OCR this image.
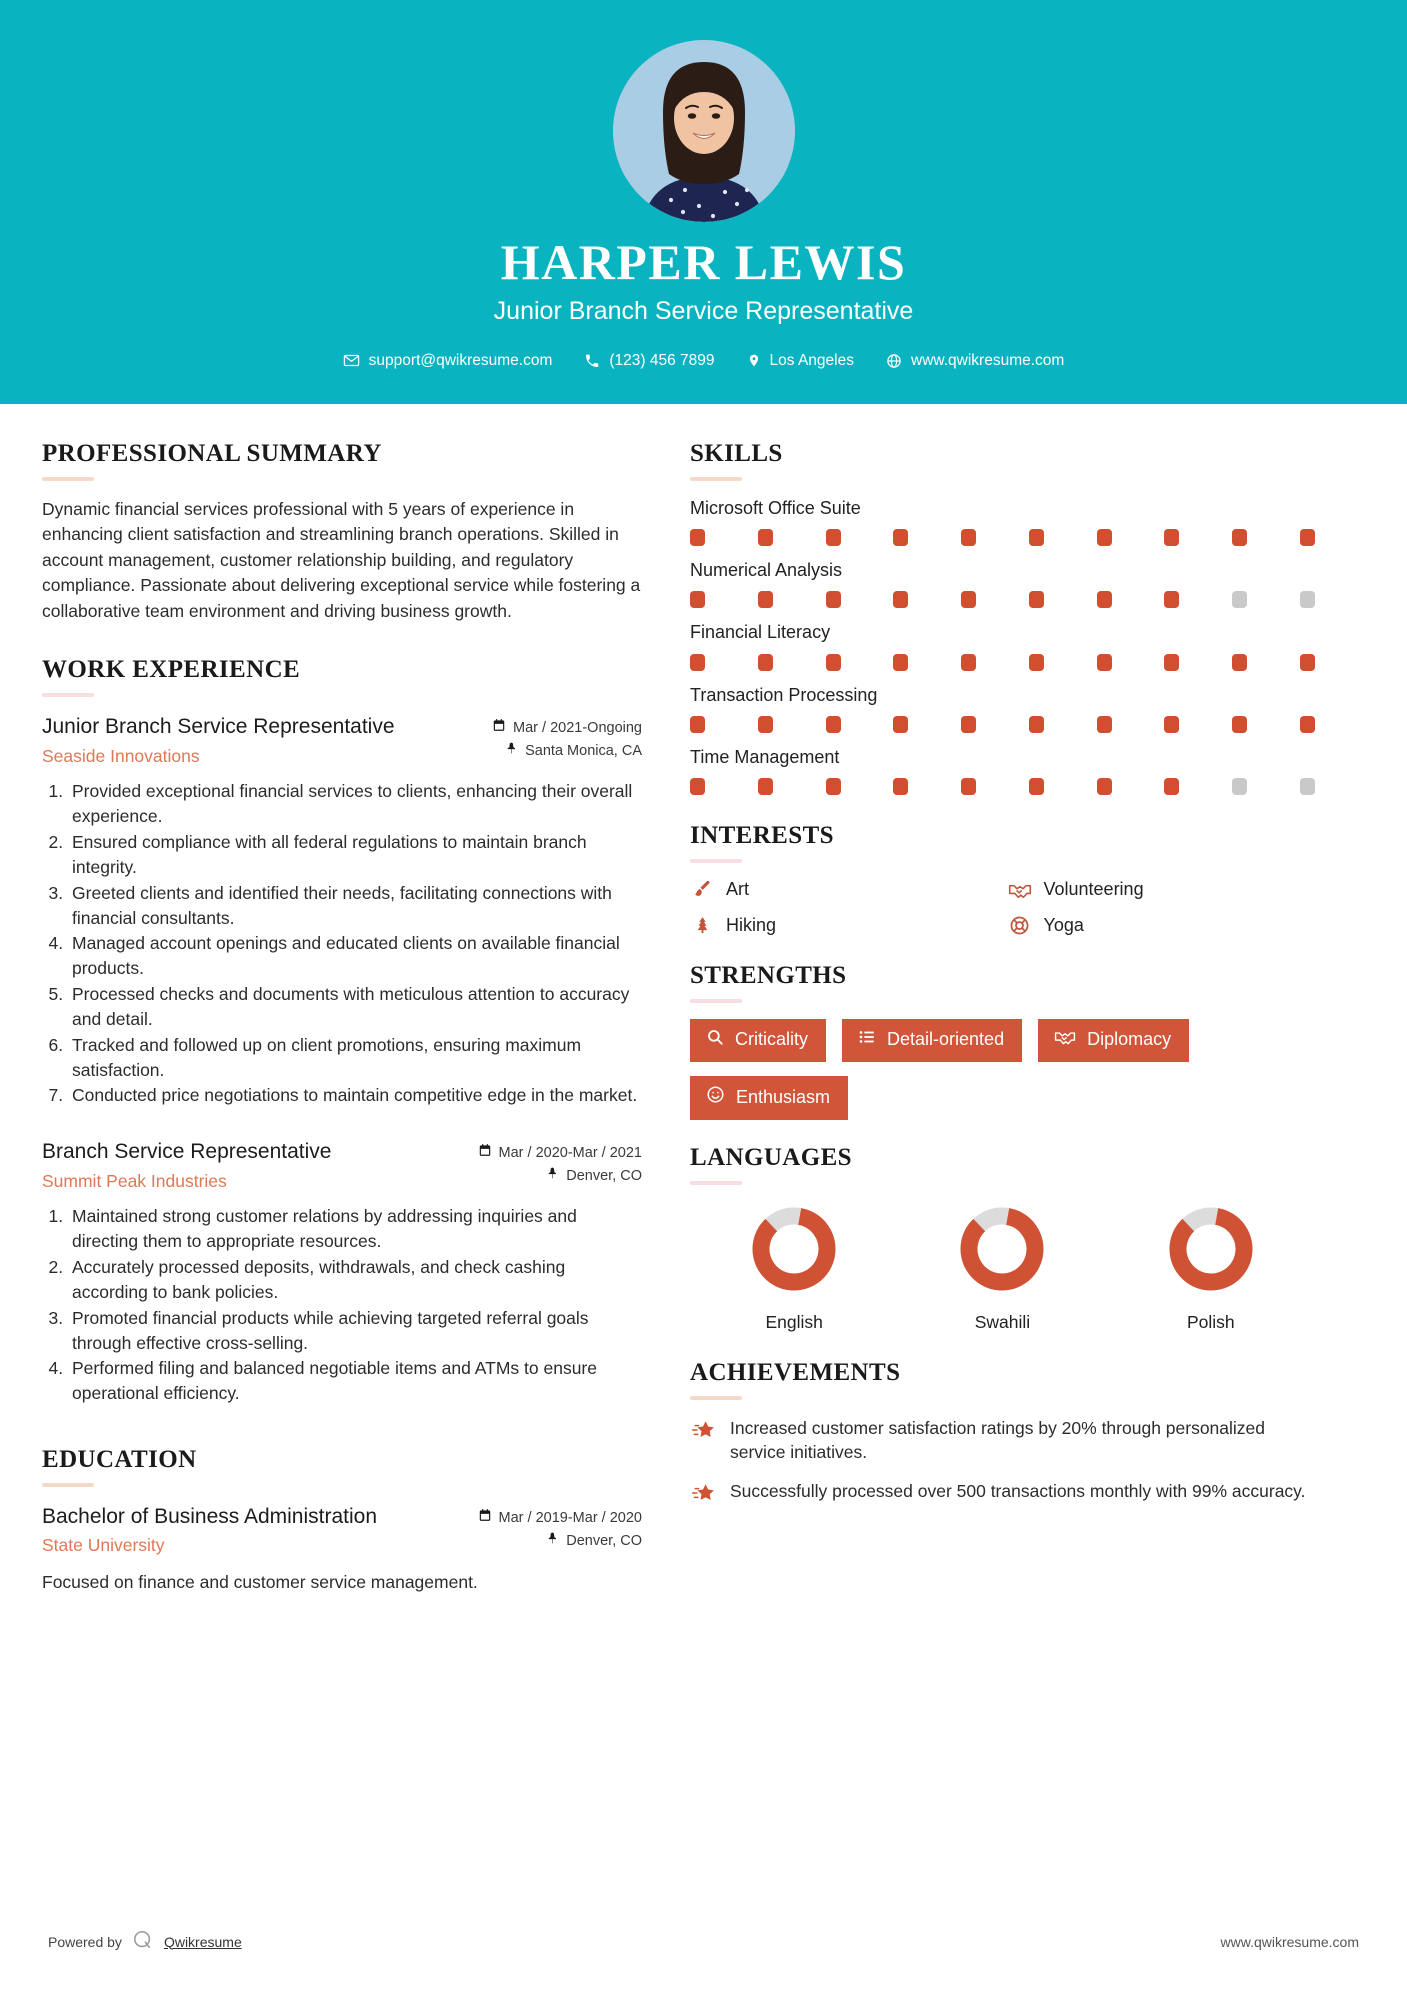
HARPER LEWIS
Junior Branch Service Representative
support@qwikresume.com	(123) 456 7899	Los Angeles	www.qwikresume.com
PROFESSIONAL SUMMARY
Dynamic financial services professional with 5 years of experience in enhancing client satisfaction and streamlining branch operations. Skilled in account management, customer relationship building, and regulatory compliance. Passionate about delivering exceptional service while fostering a collaborative team environment and driving business growth.
WORK EXPERIENCE
Junior Branch Service Representative
Seaside Innovations
Mar / 2021-Ongoing
Santa Monica, CA
1. Provided exceptional financial services to clients, enhancing their overall experience.
2. Ensured compliance with all federal regulations to maintain branch integrity.
3. Greeted clients and identified their needs, facilitating connections with financial consultants.
4. Managed account openings and educated clients on available financial products.
5. Processed checks and documents with meticulous attention to accuracy and detail.
6. Tracked and followed up on client promotions, ensuring maximum satisfaction.
7. Conducted price negotiations to maintain competitive edge in the market.
Branch Service Representative
Summit Peak Industries
Mar / 2020-Mar / 2021
Denver, CO
1. Maintained strong customer relations by addressing inquiries and directing them to appropriate resources.
2. Accurately processed deposits, withdrawals, and check cashing according to bank policies.
3. Promoted financial products while achieving targeted referral goals through effective cross-selling.
4. Performed filing and balanced negotiable items and ATMs to ensure operational efficiency.
EDUCATION
Bachelor of Business Administration
State University
Mar / 2019-Mar / 2020
Denver, CO
Focused on finance and customer service management.
SKILLS
Microsoft Office Suite
Numerical Analysis
Financial Literacy
Transaction Processing
Time Management
INTERESTS
Art	Volunteering
Hiking	Yoga
STRENGTHS
Criticality	Detail-oriented	Diplomacy
Enthusiasm
LANGUAGES
English	Swahili	Polish
ACHIEVEMENTS
Increased customer satisfaction ratings by 20% through personalized service initiatives.
Successfully processed over 500 transactions monthly with 99% accuracy.
Powered by	Qwikresume	www.qwikresume.com
